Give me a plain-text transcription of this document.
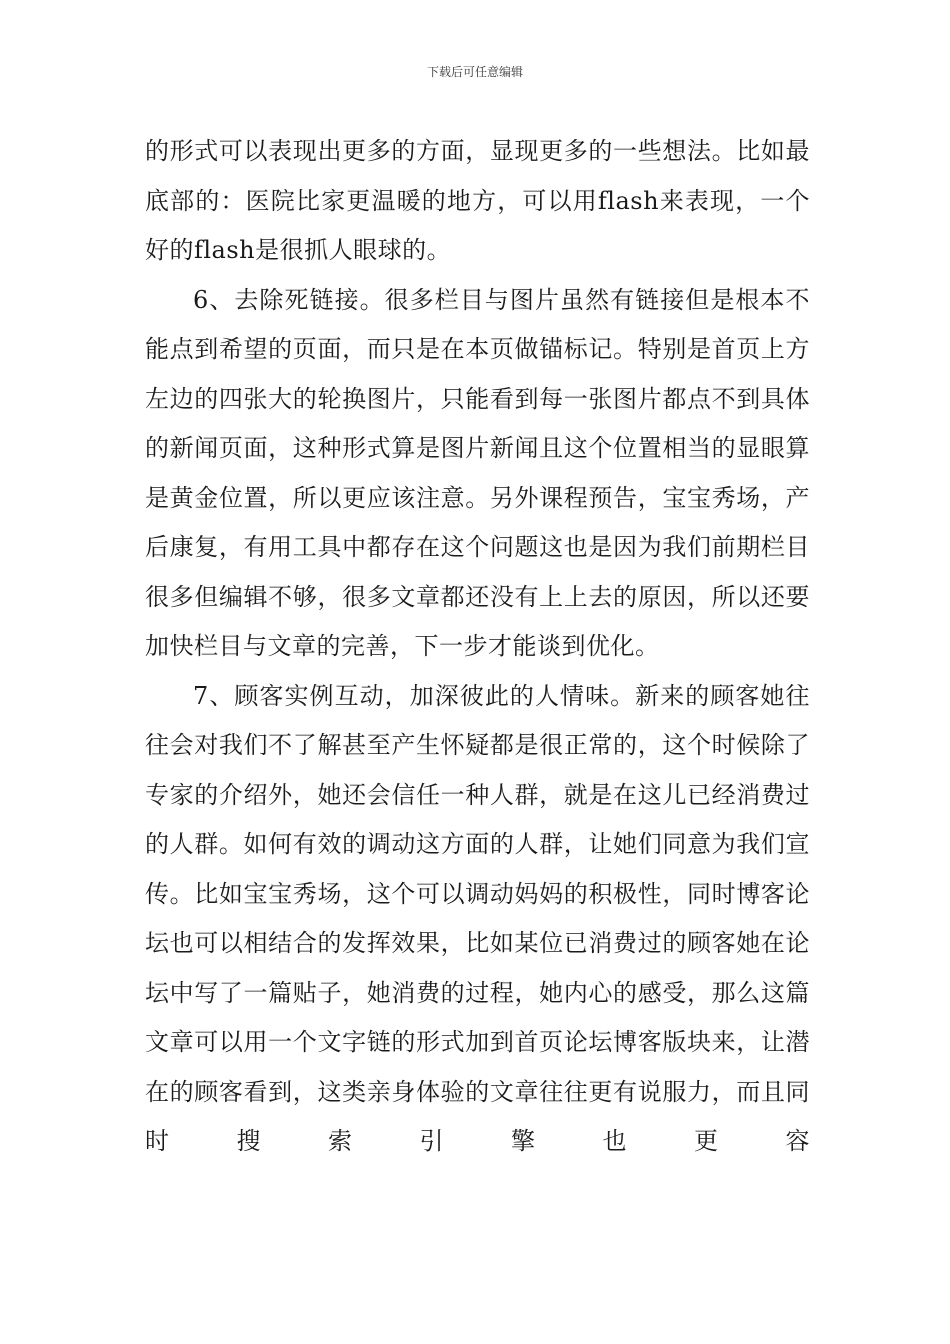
下载后可任意编辑

的形式可以表现出更多的方面，显现更多的一些想法。比如最底部的：医院比家更温暖的地方，可以用flash来表现，一个好的flash是很抓人眼球的。

6、去除死链接。很多栏目与图片虽然有链接但是根本不能点到希望的页面，而只是在本页做锚标记。特别是首页上方左边的四张大的轮换图片，只能看到每一张图片都点不到具体的新闻页面，这种形式算是图片新闻且这个位置相当的显眼算是黄金位置，所以更应该注意。另外课程预告，宝宝秀场，产后康复，有用工具中都存在这个问题这也是因为我们前期栏目很多但编辑不够，很多文章都还没有上上去的原因，所以还要加快栏目与文章的完善，下一步才能谈到优化。

7、顾客实例互动，加深彼此的人情味。新来的顾客她往往会对我们不了解甚至产生怀疑都是很正常的，这个时候除了专家的介绍外，她还会信任一种人群，就是在这儿已经消费过的人群。如何有效的调动这方面的人群，让她们同意为我们宣传。比如宝宝秀场，这个可以调动妈妈的积极性，同时博客论坛也可以相结合的发挥效果，比如某位已消费过的顾客她在论坛中写了一篇贴子，她消费的过程，她内心的感受，那么这篇文章可以用一个文字链的形式加到首页论坛博客版块来，让潜在的顾客看到，这类亲身体验的文章往往更有说服力，而且同时搜索引擎也更容
